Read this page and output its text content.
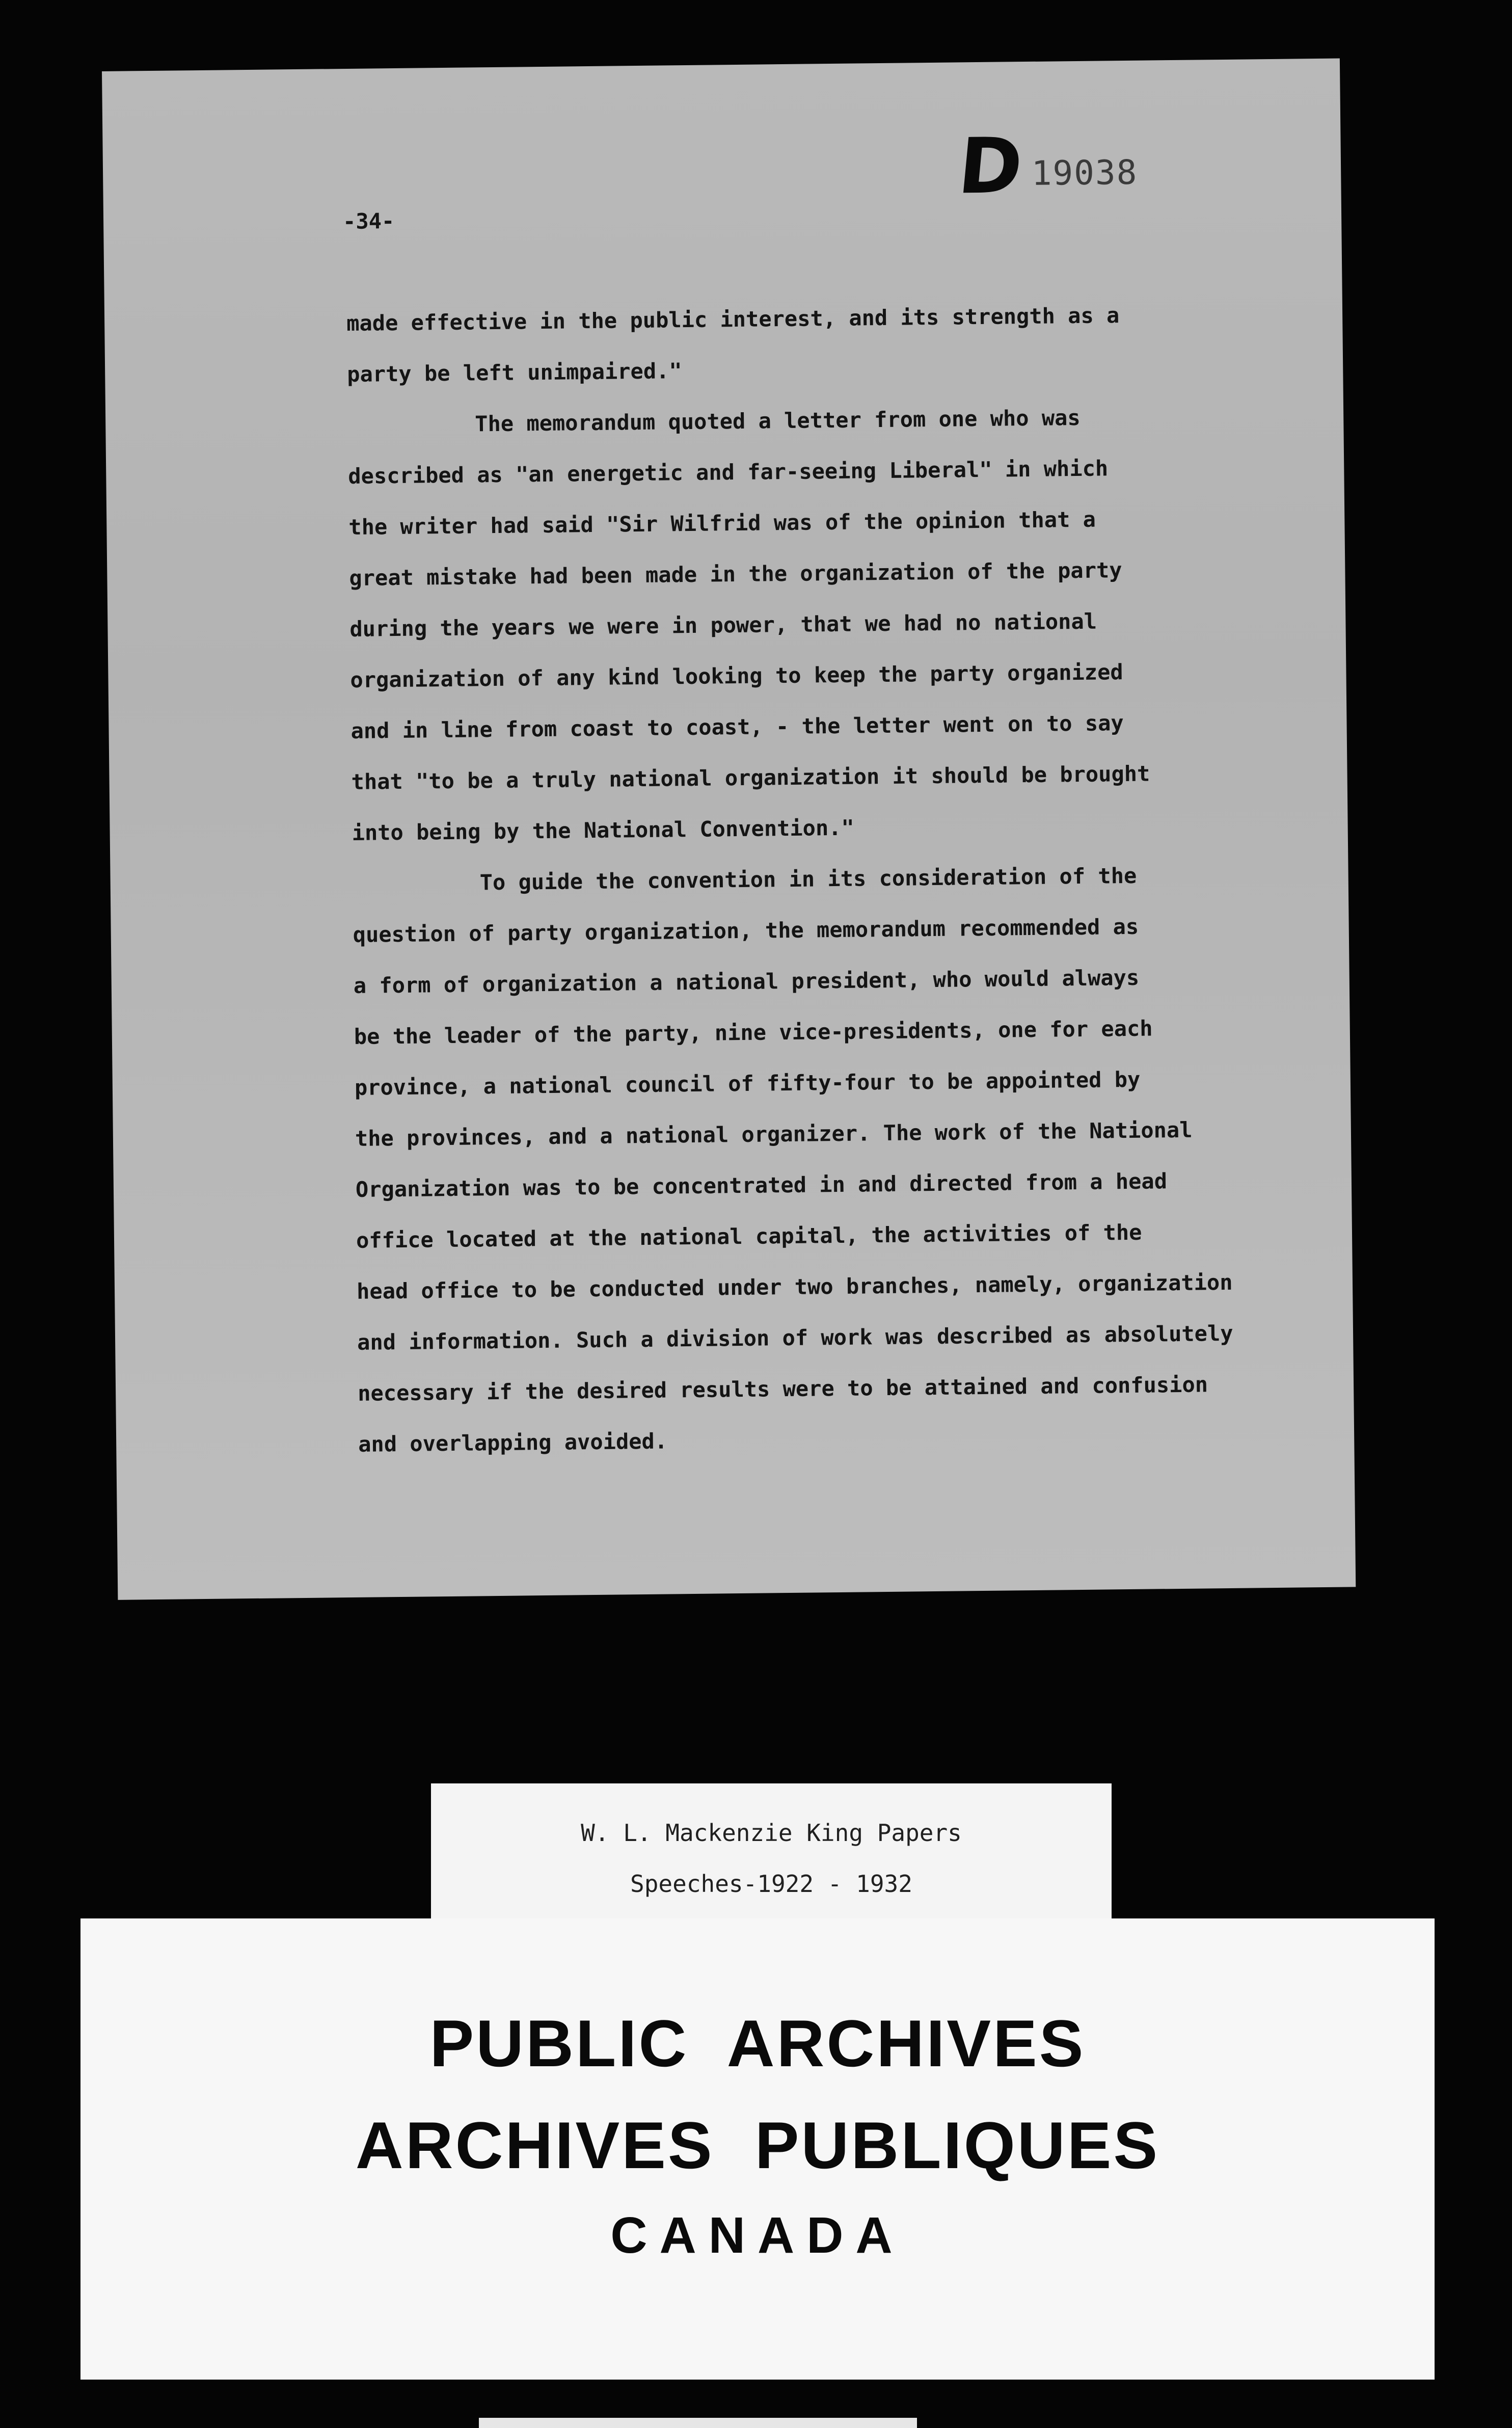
D 19038
-34-

made effective in the public interest, and its strength as a
party be left unimpaired."

The memorandum quoted a letter from one who was
described as "an energetic and far-seeing Liberal" in which
the writer had said "Sir Wilfrid was of the opinion that a
great mistake had been made in the organization of the party
during the years we were in power, that we had no national
organization of any kind looking to keep the party organized
and in line from coast to coast, - the letter went on to say
that "to be a truly national organization it should be brought
into being by the National Convention."

To guide the convention in its consideration of the
question of party organization, the memorandum recommended as
a form of organization a national president, who would always
be the leader of the party, nine vice-presidents, one for each
province, a national council of fifty-four to be appointed by
the provinces, and a national organizer. The work of the National
Organization was to be concentrated in and directed from a head
office located at the national capital, the activities of the
head office to be conducted under two branches, namely, organization
and information. Such a division of work was described as absolutely
necessary if the desired results were to be attained and confusion
and overlapping avoided.

W. L. Mackenzie King Papers
Speeches-1922 - 1932
PUBLIC ARCHIVES
ARCHIVES PUBLIQUES
CANADA
